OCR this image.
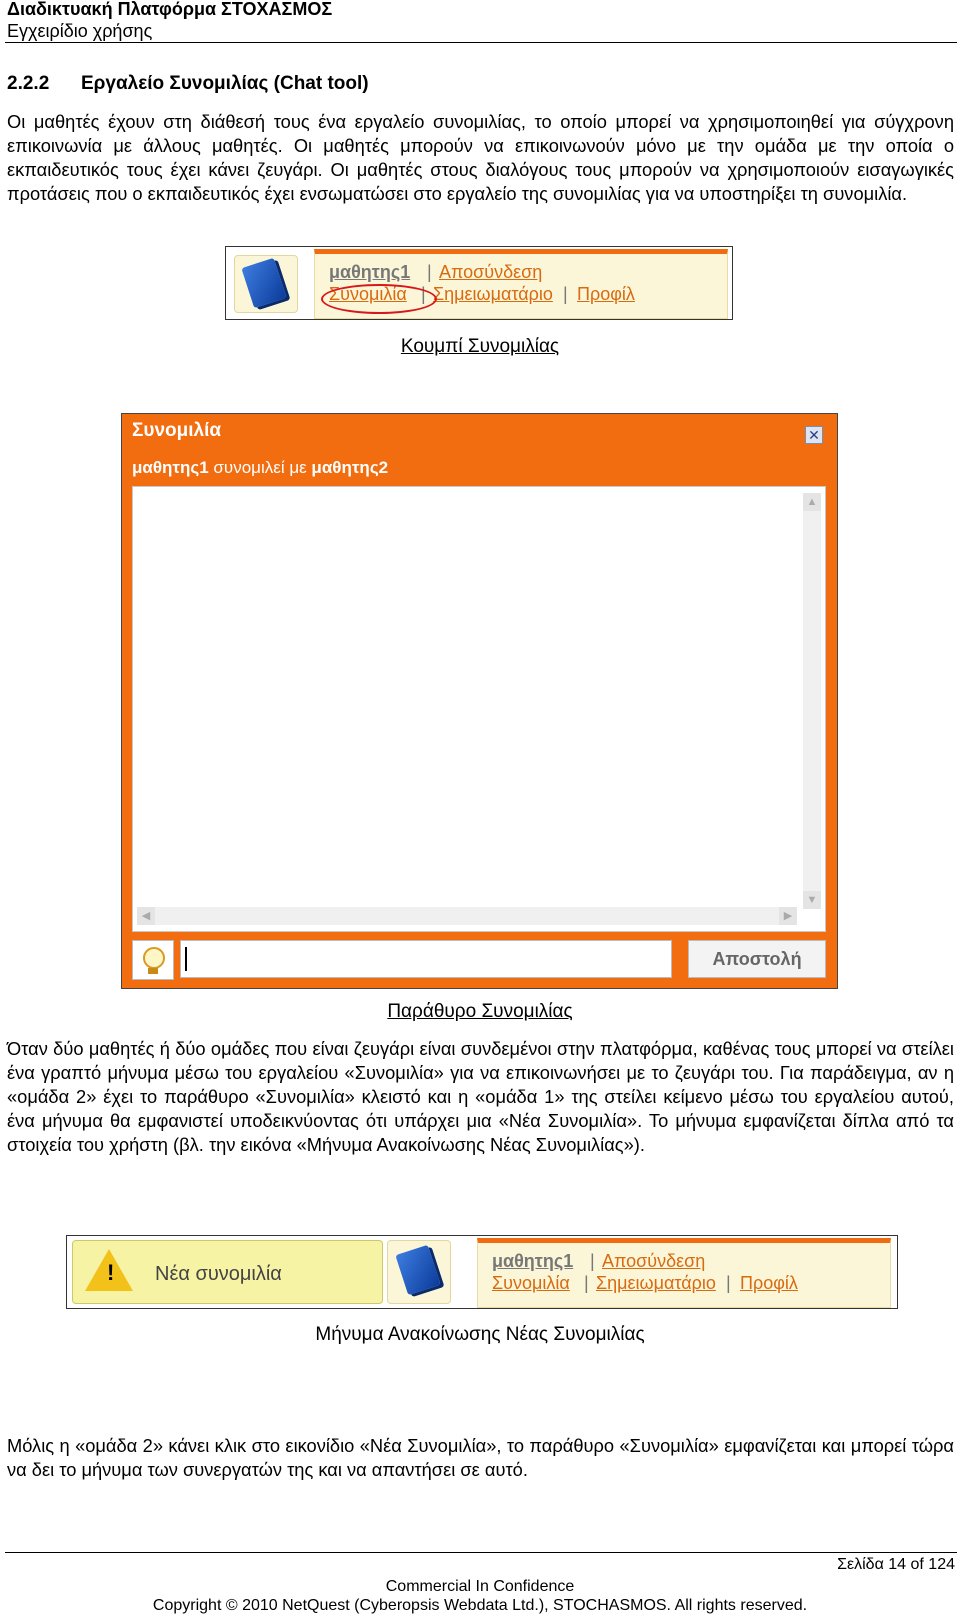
Διαδικτυακή Πλατφόρμα ΣΤΟΧΑΣΜΟΣ
Εγχειρίδιο χρήσης
2.2.2 Εργαλείο Συνομιλίας (Chat tool)
Οι μαθητές έχουν στη διάθεσή τους ένα εργαλείο συνομιλίας, το οποίο μπορεί να χρησιμοποιηθεί για σύγχρονη επικοινωνία με άλλους μαθητές. Οι μαθητές μπορούν να επικοινωνούν μόνο με την ομάδα με την οποία ο εκπαιδευτικός τους έχει κάνει ζευγάρι. Οι μαθητές στους διαλόγους τους μπορούν να χρησιμοποιούν εισαγωγικές προτάσεις που ο εκπαιδευτικός έχει ενσωματώσει στο εργαλείο της συνομιλίας για να υποστηρίξει τη συνομιλία.
μαθητης1 | Αποσύνδεση
Συνομιλία | Σημειωματάριο | Προφίλ
Κουμπί Συνομιλίας
Συνομιλία	✕
μαθητης1 συνομιλεί με μαθητης2
▲
▼
◀	▶
Αποστολή
Παράθυρο Συνομιλίας
Όταν δύο μαθητές ή δύο ομάδες που είναι ζευγάρι είναι συνδεμένοι στην πλατφόρμα, καθένας τους μπορεί να στείλει ένα γραπτό μήνυμα μέσω του εργαλείου «Συνομιλία» για να επικοινωνήσει με το ζευγάρι του. Για παράδειγμα, αν η «ομάδα 2» έχει το παράθυρο «Συνομιλία» κλειστό και η «ομάδα 1» της στείλει κείμενο μέσω του εργαλείου αυτού, ένα μήνυμα θα εμφανιστεί υποδεικνύοντας ότι υπάρχει μια «Νέα Συνομιλία». Το μήνυμα εμφανίζεται δίπλα από τα στοιχεία του χρήστη (βλ. την εικόνα «Μήνυμα Ανακοίνωσης Νέας Συνομιλίας»).
! Νέα συνομιλία
μαθητης1 | Αποσύνδεση
Συνομιλία | Σημειωματάριο | Προφίλ
Μήνυμα Ανακοίνωσης Νέας Συνομιλίας
Μόλις η «ομάδα 2» κάνει κλικ στο εικονίδιο «Νέα Συνομιλία», το παράθυρο «Συνομιλία» εμφανίζεται και μπορεί τώρα να δει το μήνυμα των συνεργατών της και να απαντήσει σε αυτό.
Σελίδα 14 of 124
Commercial In Confidence
Copyright © 2010 NetQuest (Cyberopsis Webdata Ltd.), STOCHASMOS. All rights reserved.
